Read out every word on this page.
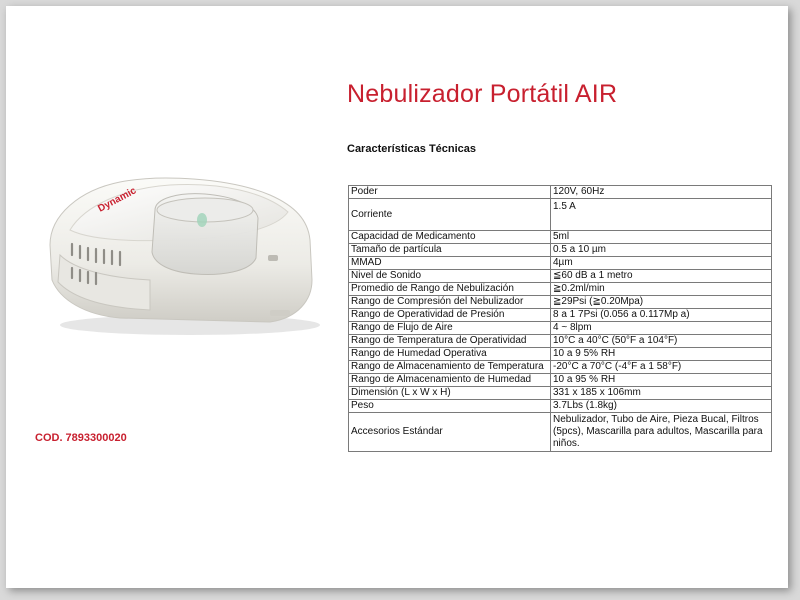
Dynamic
Nebulizador Portátil AIR
Características Técnicas
COD. 7893300020
Poder	120V, 60Hz
Corriente	1.5 A
Capacidad de Medicamento	5ml
Tamaño de partícula	0.5 a 10 µm
MMAD	4µm
Nivel de Sonido	≦60 dB a 1 metro
Promedio de Rango de Nebulización	≧0.2ml/min
Rango de Compresión del Nebulizador	≧29Psi (≧0.20Mpa)
Rango de Operatividad de Presión	8 a 1 7Psi (0.056 a 0.117Mp a)
Rango de Flujo de Aire	4 ~ 8lpm
Rango de Temperatura de Operatividad	10°C a 40°C (50°F a 104°F)
Rango de Humedad Operativa	10 a 9 5% RH
Rango de Almacenamiento de Temperatura	-20°C a 70°C (-4°F a 1 58°F)
Rango de Almacenamiento de Humedad	10 a 95 % RH
Dimensión (L x W x H)	331 x 185 x 106mm
Peso	3.7Lbs (1.8kg)
Accesorios Estándar	Nebulizador, Tubo de Aire, Pieza Bucal, Filtros (5pcs), Mascarilla para adultos, Mascarilla para niños.
